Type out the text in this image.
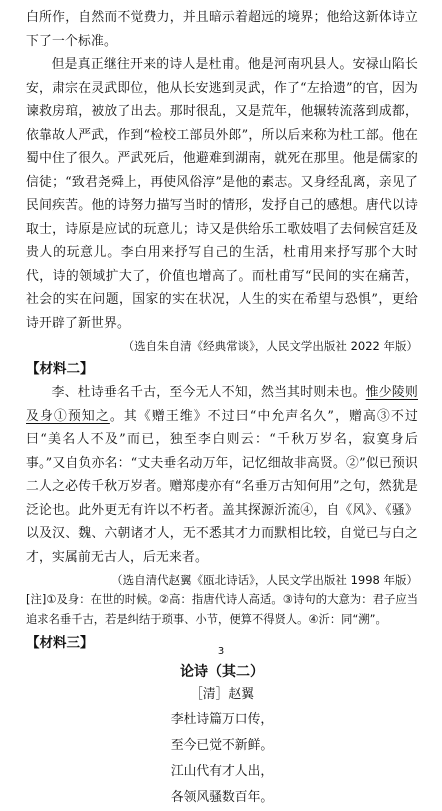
白所作，自然而不觉费力，并且暗示着超远的境界；他给这新体诗立下了一个标准。

但是真正继往开来的诗人是杜甫。他是河南巩县人。安禄山陷长安，肃宗在灵武即位，他从长安逃到灵武，作了“左拾遗”的官，因为谏救房琯，被放了出去。那时很乱，又是荒年，他辗转流落到成都，依靠故人严武，作到“检校工部员外郎”，所以后来称为杜工部。他在蜀中住了很久。严武死后，他避难到湖南，就死在那里。他是儒家的信徒；“致君尧舜上，再使风俗淳”是他的素志。又身经乱离，亲见了民间疾苦。他的诗努力描写当时的情形，发抒自己的感想。唐代以诗取士，诗原是应试的玩意儿；诗又是供给乐工歌妓唱了去伺候宫廷及贵人的玩意儿。李白用来抒写自己的生活，杜甫用来抒写那个大时代，诗的领域扩大了，价值也增高了。而杜甫写“民间的实在痛苦，社会的实在问题，国家的实在状况，人生的实在希望与恐惧”，更给诗开辟了新世界。

（选自朱自清《经典常谈》，人民文学出版社 2022 年版）

【材料二】

李、杜诗垂名千古，至今无人不知，然当其时则未也。惟少陵则及身①预知之。其《赠王维》不过曰“中允声名久”，赠高③不过曰“美名人不及”而已，独至李白则云：“千秋万岁名，寂寞身后事。”又自负亦名：“丈夫垂名动万年，记忆细故非高贤。②”似已预识二人之必传千秋万岁者。赠郑虔亦有“名垂万古知何用”之句，然犹是泛论也。此外更无有许以不朽者。盖其探源沂流④，自《风》、《骚》以及汉、魏、六朝诸才人，无不悉其才力而默相比较，自觉已与白之才，实属前无古人，后无来者。

（选自清代赵翼《瓯北诗话》，人民文学出版社 1998 年版）

[注]①及身：在世的时候。②高：指唐代诗人高适。③诗句的大意为：君子应当追求名垂千古，若是纠结于琐事、小节，便算不得贤人。④沂：同“溯”。

【材料三】

论诗（其二）

［清］赵翼

李杜诗篇万口传，

至今已觉不新鲜。

江山代有才人出，

各领风骚数百年。

3
